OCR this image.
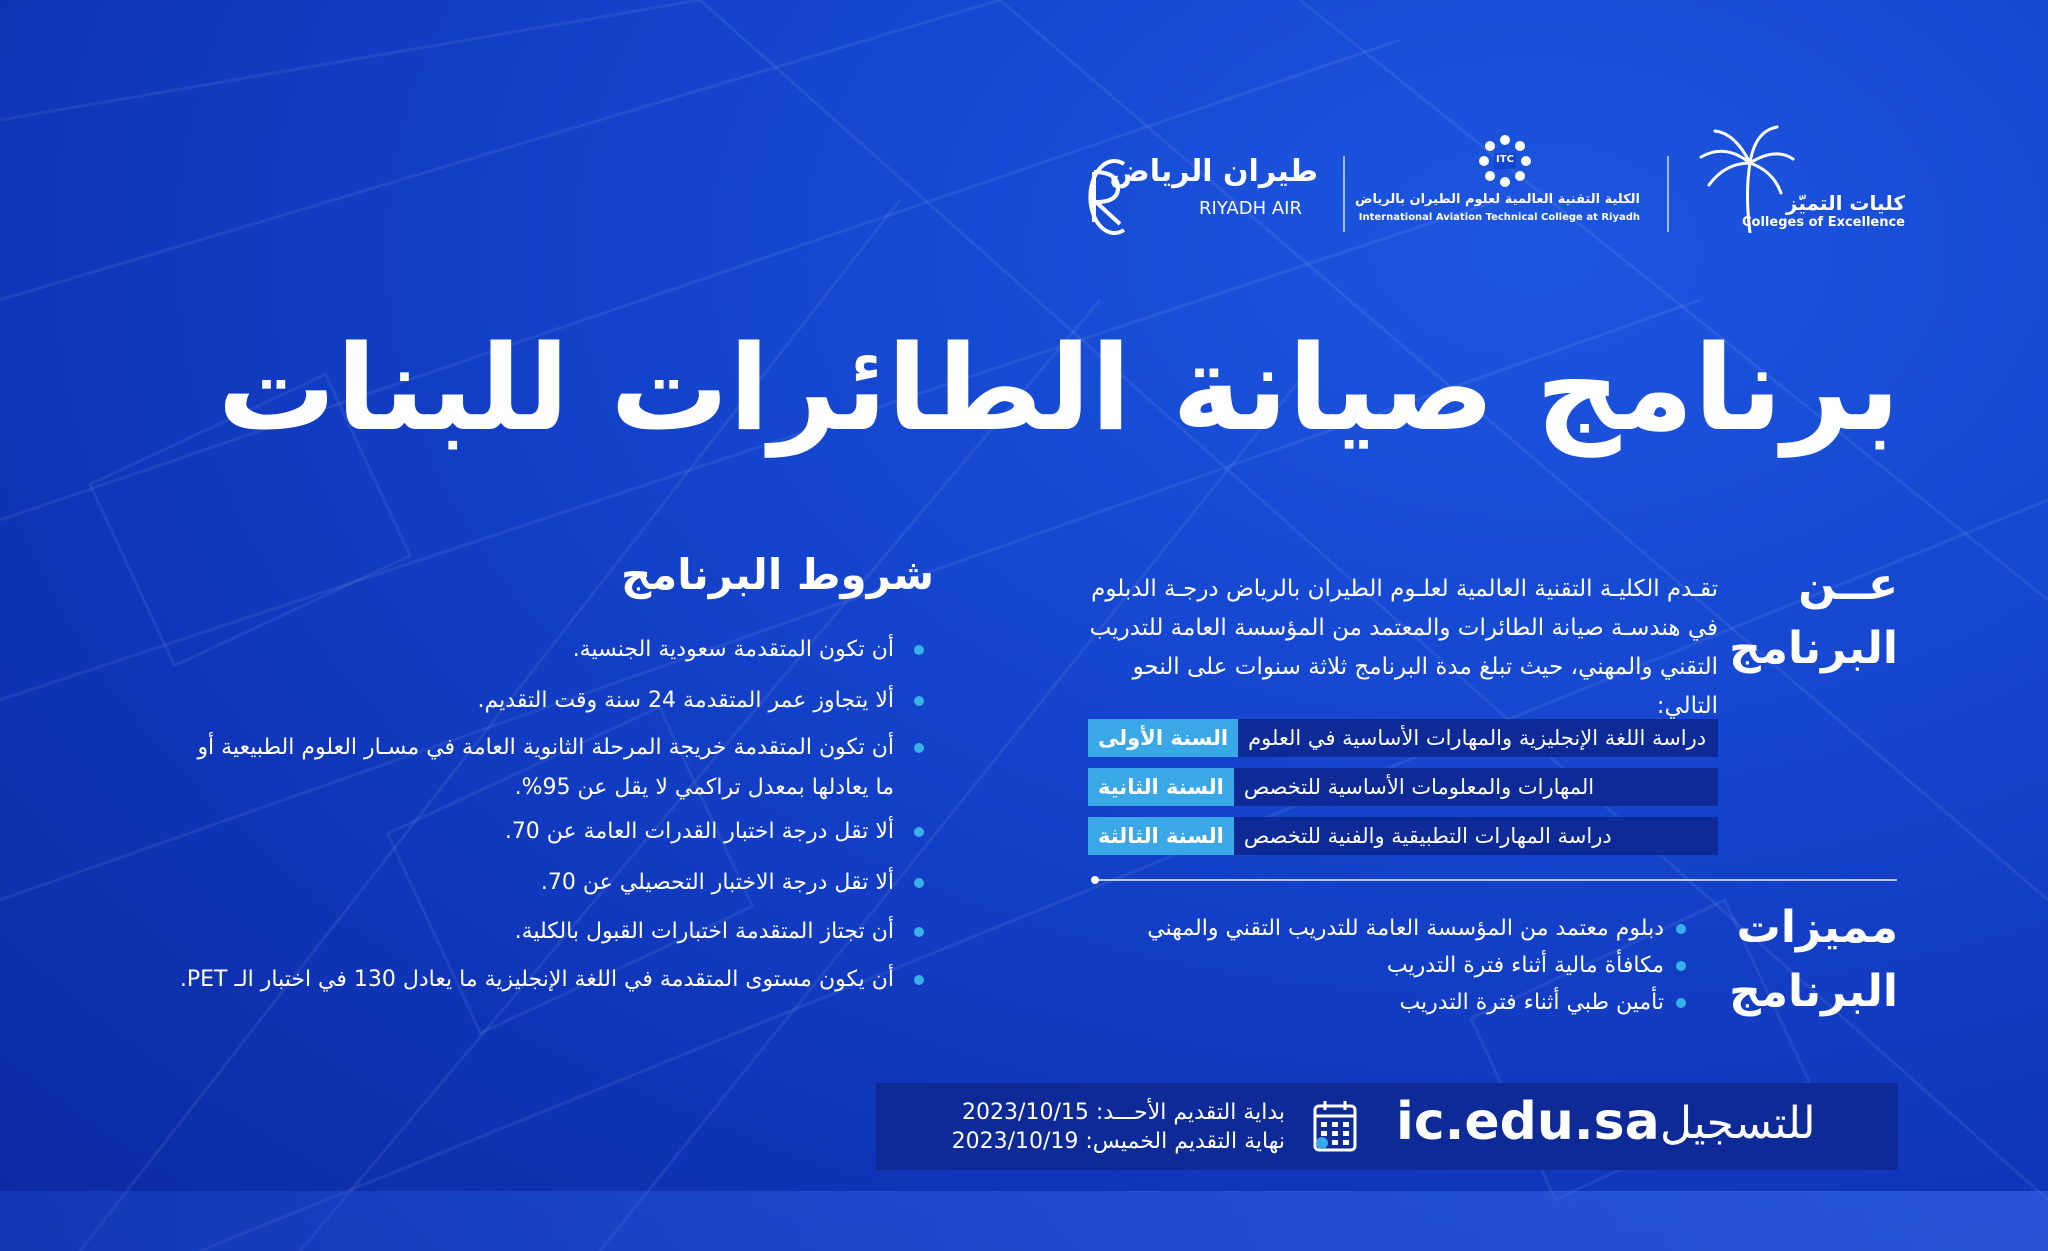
كليات التميّز
Colleges of Excellence
ITC
الكلية التقنية العالمية لعلوم الطيران بالرياض
International Aviation Technical College at Riyadh
طيران الرياض
RIYADH AIR
برنامج صيانة الطائرات للبنات
عــن
البرنامج
تقـدم الكليـة التقنية العالمية لعلـوم الطيران بالرياض درجـة الدبلوم في هندسـة صيانة الطائرات والمعتمد من المؤسسة العامة للتدريب التقني والمهني، حيث تبلغ مدة البرنامج ثلاثة سنوات على النحو التالي:
السنة الأولى دراسة اللغة الإنجليزية والمهارات الأساسية في العلوم
السنة الثانية المهارات والمعلومات الأساسية للتخصص
السنة الثالثة دراسة المهارات التطبيقية والفنية للتخصص
مميزات
البرنامج
دبلوم معتمد من المؤسسة العامة للتدريب التقني والمهني
مكافأة مالية أثناء فترة التدريب
تأمين طبي أثناء فترة التدريب
شروط البرنامج
أن تكون المتقدمة سعودية الجنسية.
ألا يتجاوز عمر المتقدمة 24 سنة وقت التقديم.
أن تكون المتقدمة خريجة المرحلة الثانوية العامة في مسـار العلوم الطبيعية أو ما يعادلها بمعدل تراكمي لا يقل عن 95%.
ألا تقل درجة اختبار القدرات العامة عن 70.
ألا تقل درجة الاختبار التحصيلي عن 70.
أن تجتاز المتقدمة اختبارات القبول بالكلية.
أن يكون مستوى المتقدمة في اللغة الإنجليزية ما يعادل 130 في اختبار الـ PET.
للتسجيل
ic.edu.sa
بداية التقديم الأحـــد: 2023/10/15
نهاية التقديم الخميس: 2023/10/19
